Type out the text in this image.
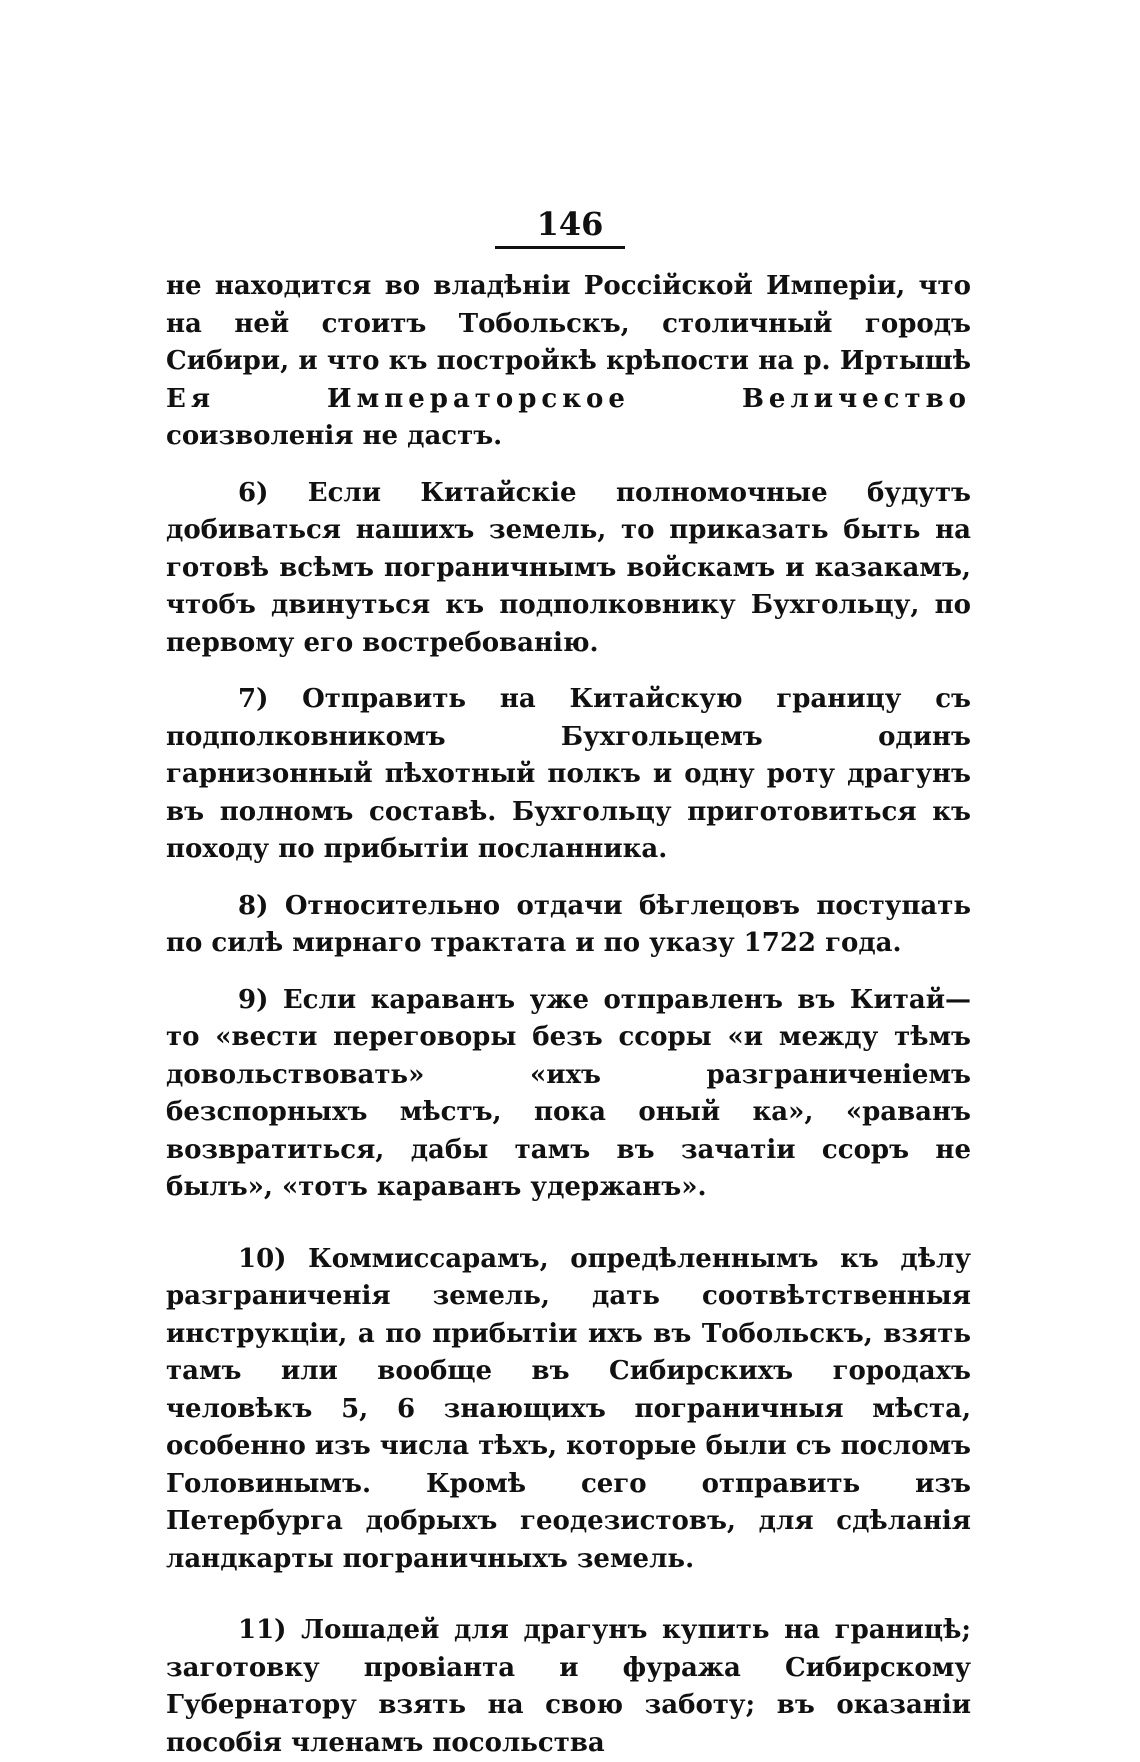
146

не находится во владѣніи Россійской Имперіи, что на ней стоитъ Тобольскъ, столичный городъ Сибири, и что къ постройкѣ крѣпости на р. Иртышѣ Ея Императорское Величество соизволенія не дастъ.

6) Если Китайскіе полномочные будутъ добиваться нашихъ земель, то приказать быть на готовѣ всѣмъ пограничнымъ войскамъ и казакамъ, чтобъ двинуться къ подполковнику Бухгольцу, по первому его востребованію.

7) Отправить на Китайскую границу съ подполковникомъ Бухгольцемъ одинъ гарнизонный пѣхотный полкъ и одну роту драгунъ въ полномъ составѣ. Бухгольцу приготовиться къ походу по прибытіи посланника.

8) Относительно отдачи бѣглецовъ поступать по силѣ мирнаго трактата и по указу 1722 года.

9) Если караванъ уже отправленъ въ Китай—то «вести переговоры безъ ссоры «и между тѣмъ довольствовать» «ихъ разграниченіемъ безспорныхъ мѣстъ, пока оный ка», «раванъ возвратиться, дабы тамъ въ зачатіи ссоръ не былъ», «тотъ караванъ удержанъ».

10) Коммиссарамъ, опредѣленнымъ къ дѣлу разграниченія земель, дать соотвѣтственныя инструкціи, а по прибытіи ихъ въ Тобольскъ, взять тамъ или вообще въ Сибирскихъ городахъ человѣкъ 5, 6 знающихъ пограничныя мѣста, особенно изъ числа тѣхъ, которые были съ посломъ Головинымъ. Кромѣ сего отправить изъ Петербурга добрыхъ геодезистовъ, для сдѣланія ландкарты пограничныхъ земель.

11) Лошадей для драгунъ купить на границѣ; заготовку провіанта и фуража Сибирскому Губернатору взять на свою заботу; въ оказаніи пособія членамъ посольства
